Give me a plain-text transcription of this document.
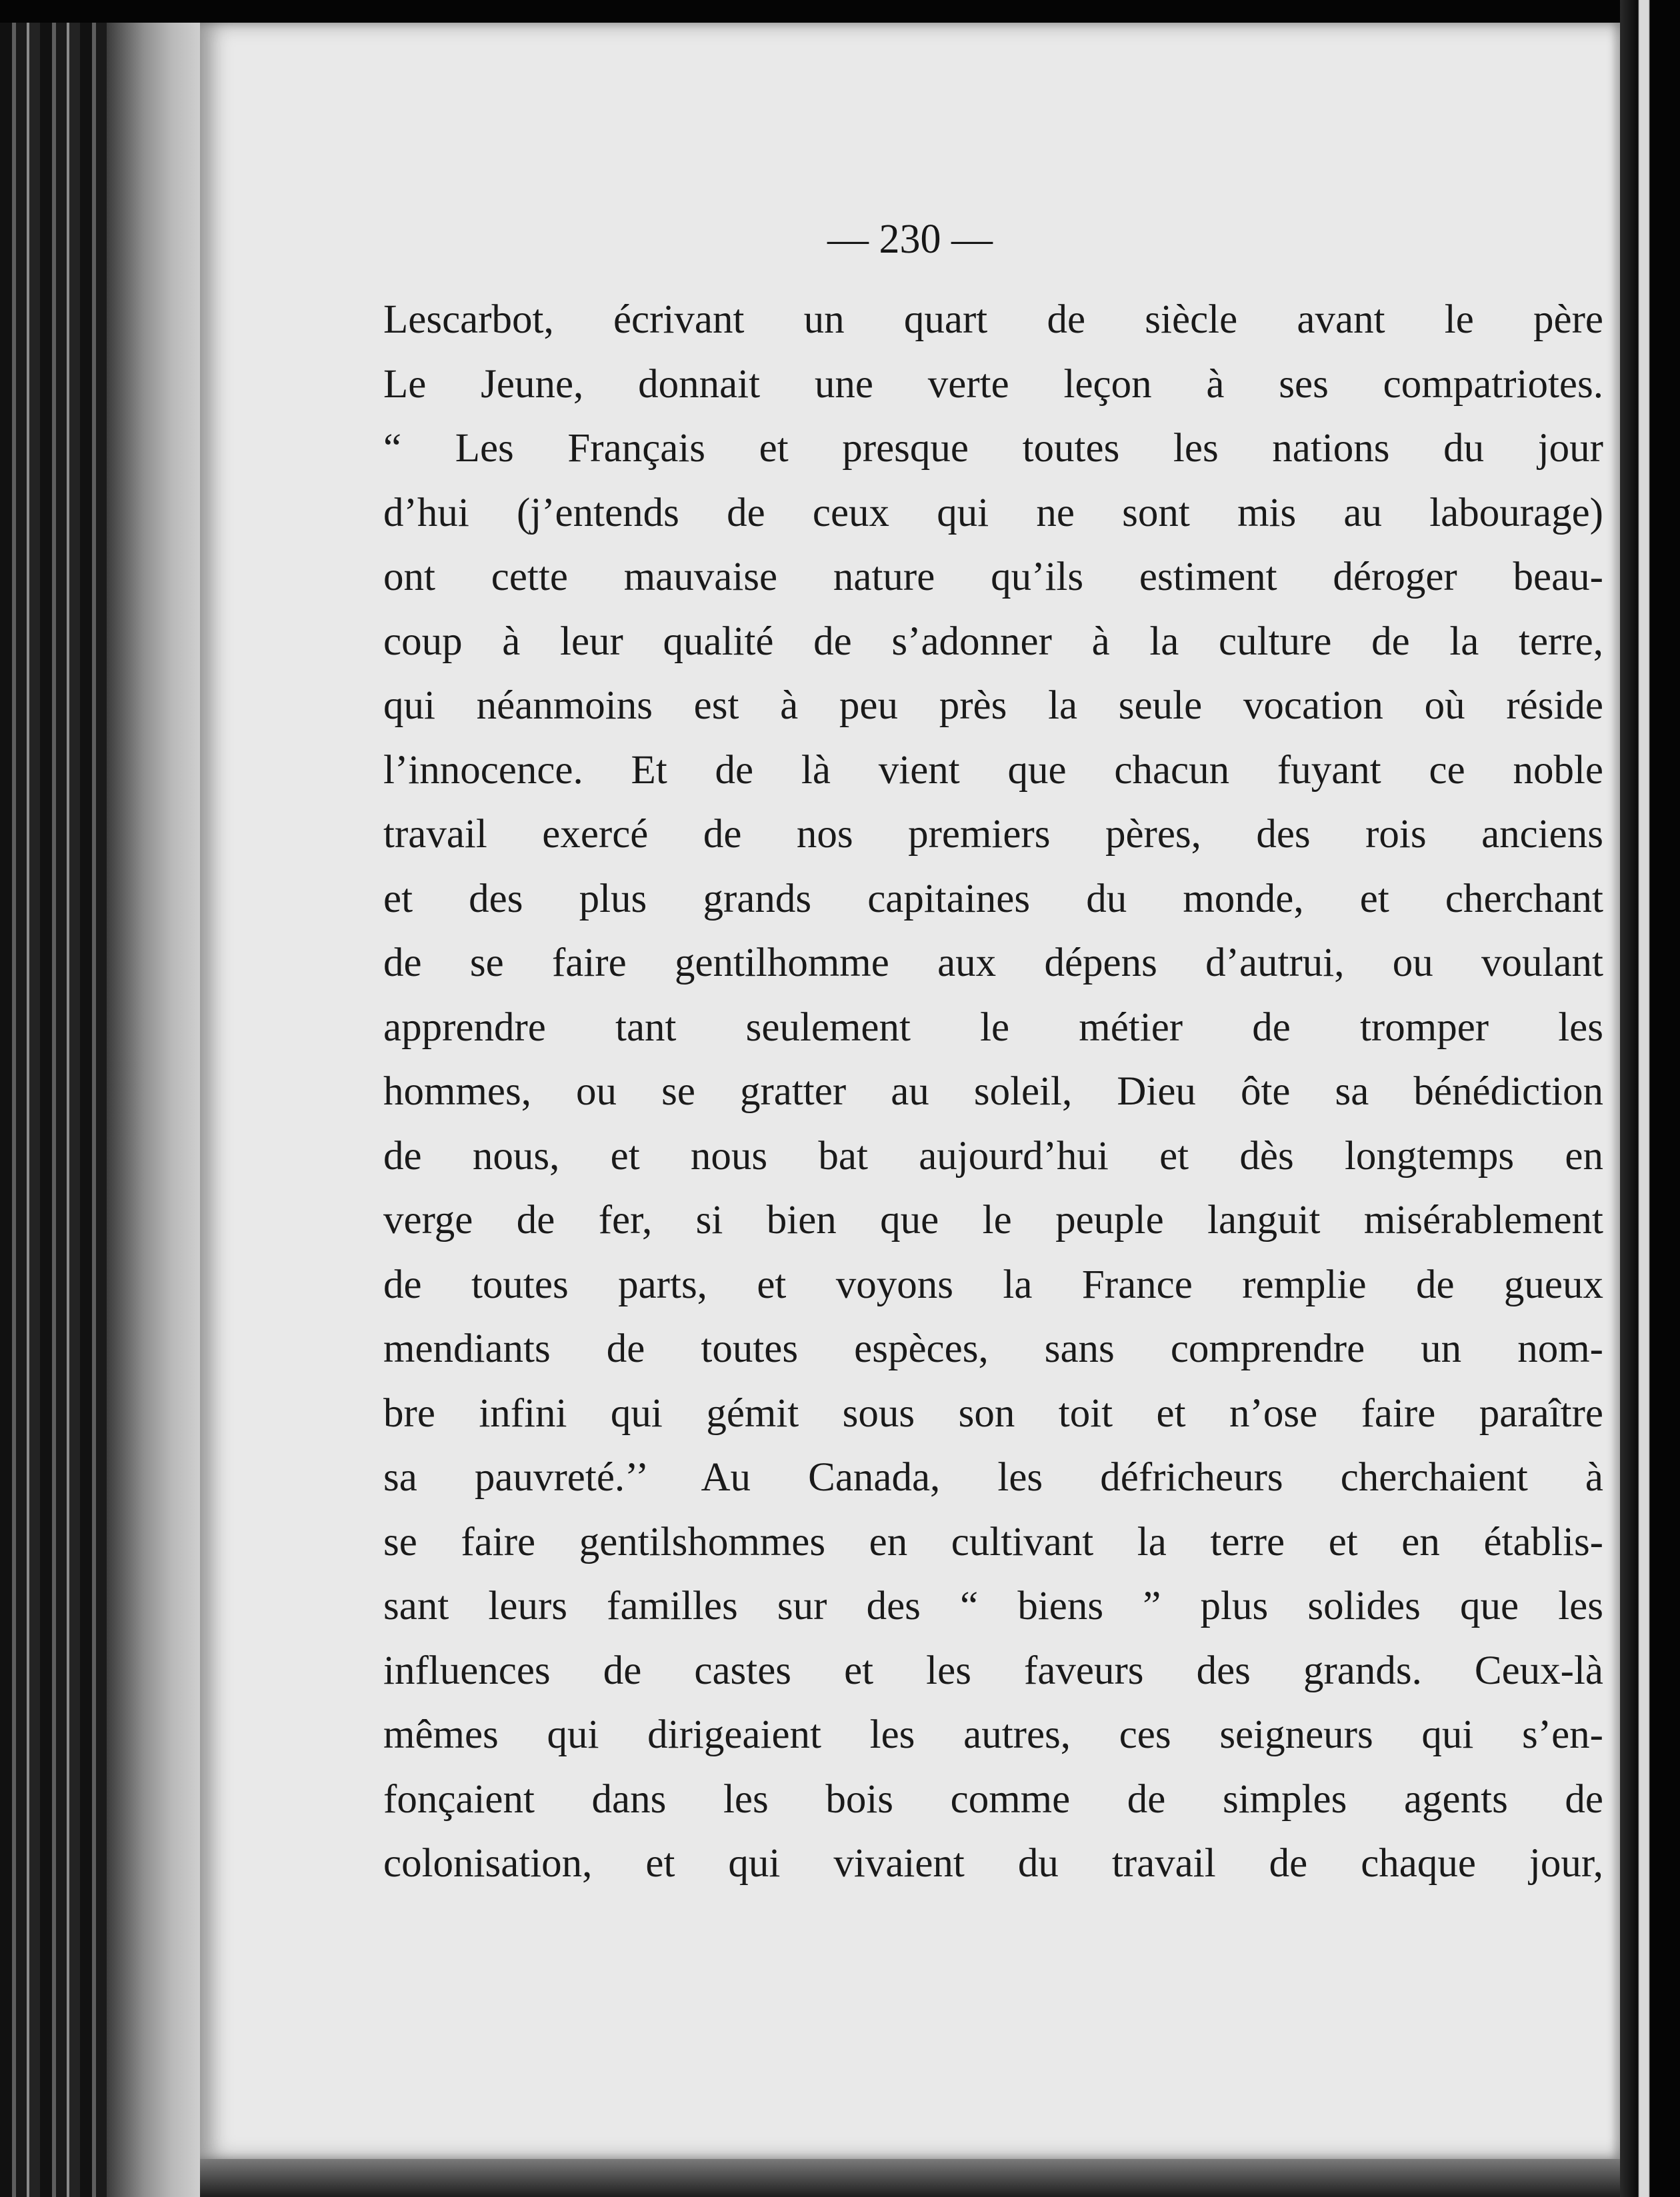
— 230 —

Lescarbot, écrivant un quart de siècle avant le père
Le Jeune, donnait une verte leçon à ses compatriotes.
“ Les Français et presque toutes les nations du jour
d’hui (j’entends de ceux qui ne sont mis au labourage)
ont cette mauvaise nature qu’ils estiment déroger beau-
coup à leur qualité de s’adonner à la culture de la terre,
qui néanmoins est à peu près la seule vocation où réside
l’innocence. Et de là vient que chacun fuyant ce noble
travail exercé de nos premiers pères, des rois anciens
et des plus grands capitaines du monde, et cherchant
de se faire gentilhomme aux dépens d’autrui, ou voulant
apprendre tant seulement le métier de tromper les
hommes, ou se gratter au soleil, Dieu ôte sa bénédiction
de nous, et nous bat aujourd’hui et dès longtemps en
verge de fer, si bien que le peuple languit misérablement
de toutes parts, et voyons la France remplie de gueux
mendiants de toutes espèces, sans comprendre un nom-
bre infini qui gémit sous son toit et n’ose faire paraître
sa pauvreté.’’ Au Canada, les défricheurs cherchaient à
se faire gentilshommes en cultivant la terre et en établis-
sant leurs familles sur des “ biens ” plus solides que les
influences de castes et les faveurs des grands. Ceux-là
mêmes qui dirigeaient les autres, ces seigneurs qui s’en-
fonçaient dans les bois comme de simples agents de
colonisation, et qui vivaient du travail de chaque jour,
